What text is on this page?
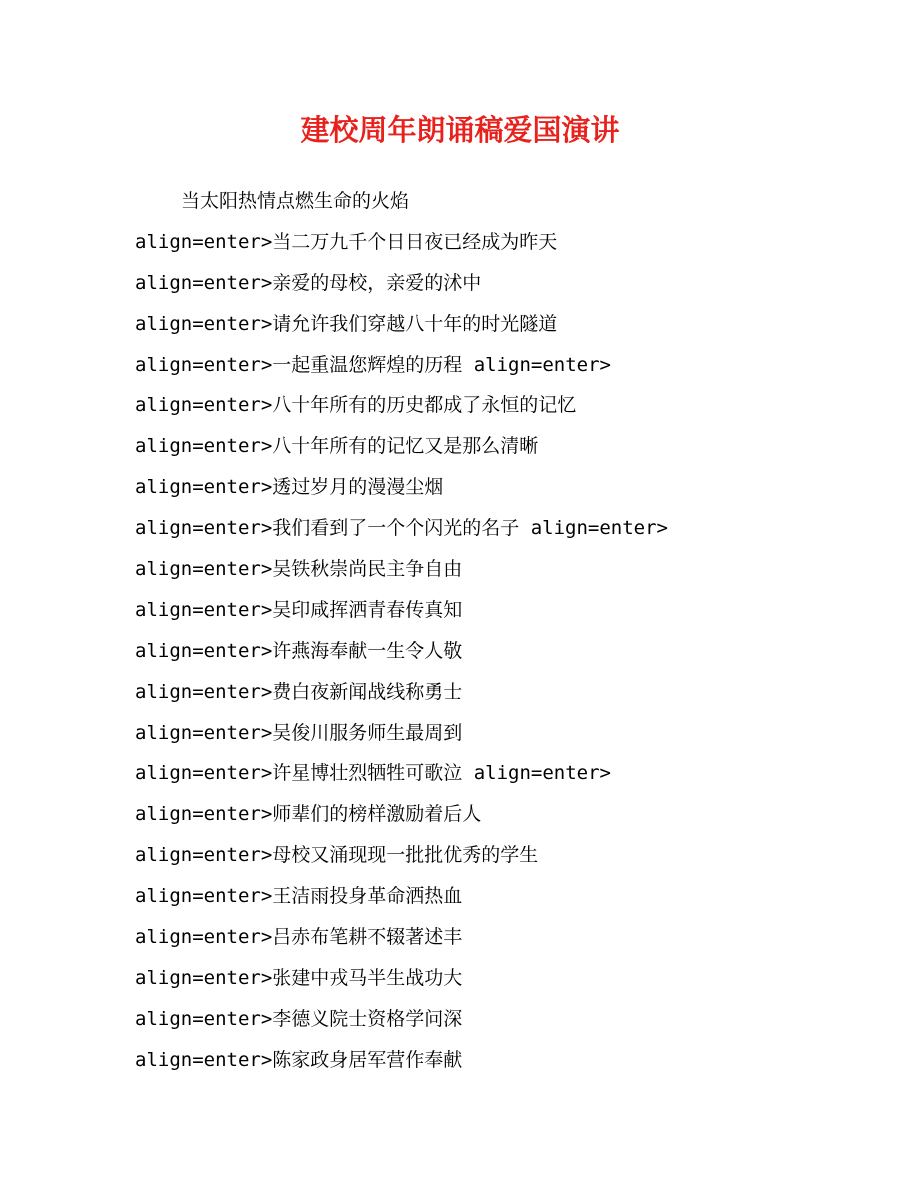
建校周年朗诵稿爱国演讲
当太阳热情点燃生命的火焰
align=enter>当二万九千个日日夜已经成为昨天
align=enter>亲爱的母校，亲爱的沭中
align=enter>请允许我们穿越八十年的时光隧道
align=enter>一起重温您辉煌的历程 align=enter>
align=enter>八十年所有的历史都成了永恒的记忆
align=enter>八十年所有的记忆又是那么清晰
align=enter>透过岁月的漫漫尘烟
align=enter>我们看到了一个个闪光的名子 align=enter>
align=enter>吴铁秋崇尚民主争自由
align=enter>吴印咸挥洒青春传真知
align=enter>许燕海奉献一生令人敬
align=enter>费白夜新闻战线称勇士
align=enter>吴俊川服务师生最周到
align=enter>许星博壮烈牺牲可歌泣 align=enter>
align=enter>师辈们的榜样激励着后人
align=enter>母校又涌现现一批批优秀的学生
align=enter>王洁雨投身革命洒热血
align=enter>吕赤布笔耕不辍著述丰
align=enter>张建中戎马半生战功大
align=enter>李德义院士资格学问深
align=enter>陈家政身居军营作奉献
